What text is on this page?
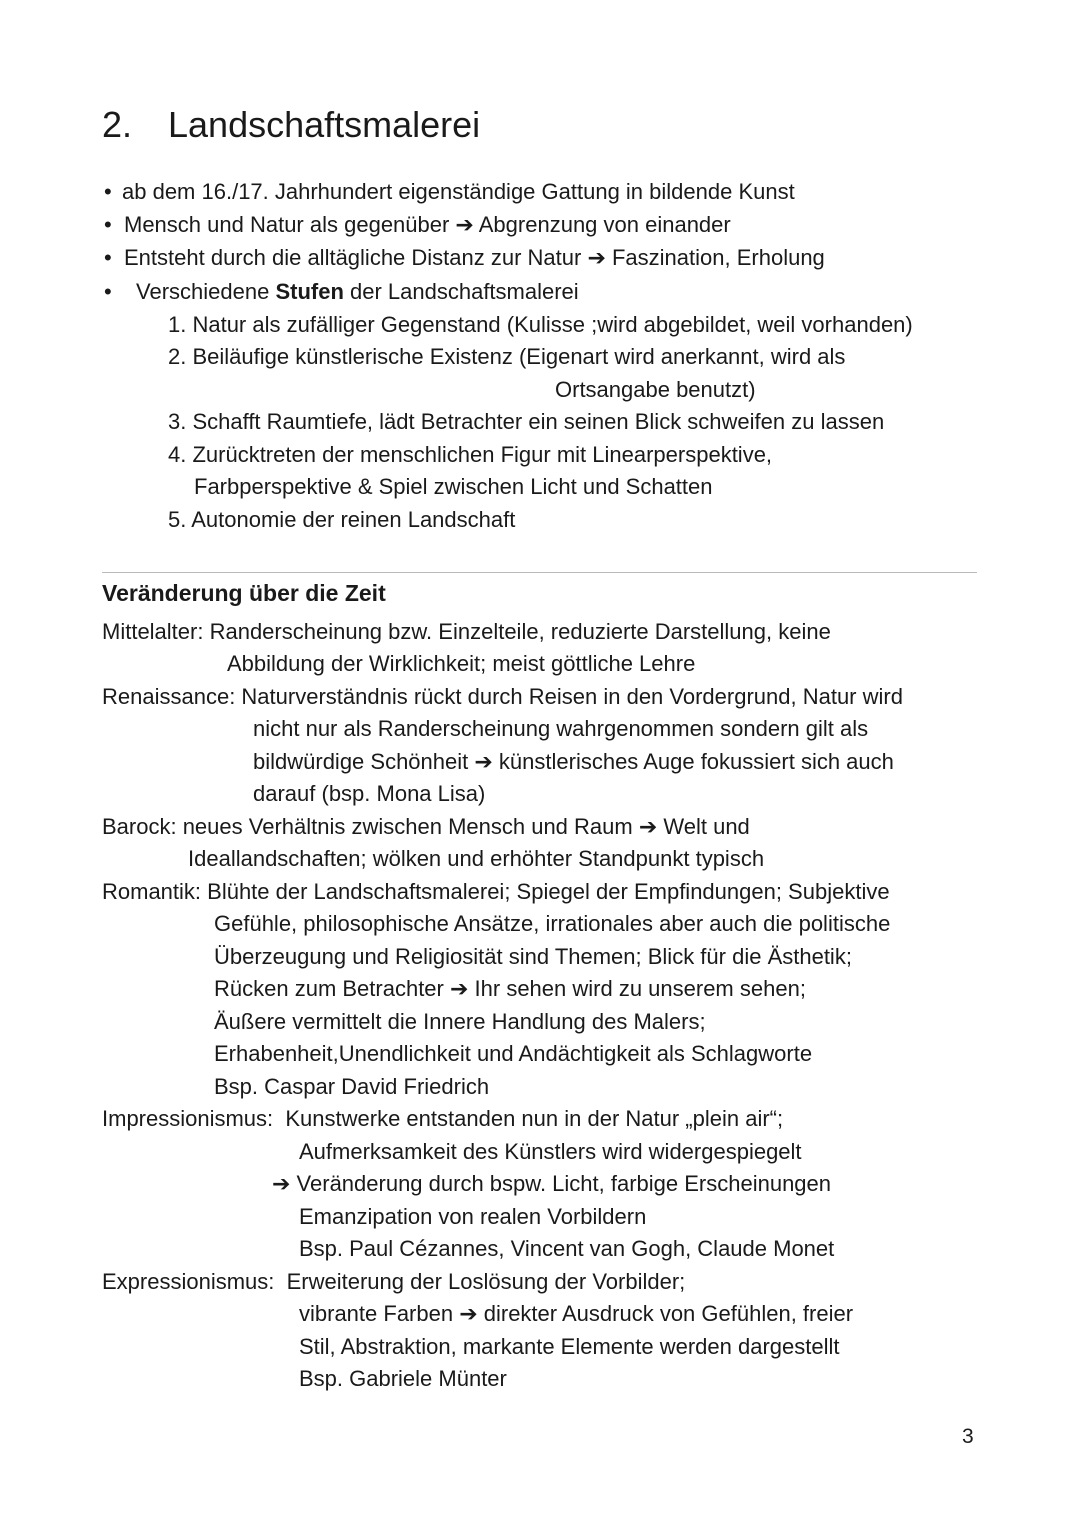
2. Landschaftsmalerei
• ab dem 16./17. Jahrhundert eigenständige Gattung in bildende Kunst
• Mensch und Natur als gegenüber ➔ Abgrenzung von einander
• Entsteht durch die alltägliche Distanz zur Natur ➔ Faszination, Erholung
• Verschiedene Stufen der Landschaftsmalerei
1. Natur als zufälliger Gegenstand (Kulisse ;wird abgebildet, weil vorhanden)
2. Beiläufige künstlerische Existenz (Eigenart wird anerkannt, wird als
Ortsangabe benutzt)
3. Schafft Raumtiefe, lädt Betrachter ein seinen Blick schweifen zu lassen
4. Zurücktreten der menschlichen Figur mit Linearperspektive,
Farbperspektive & Spiel zwischen Licht und Schatten
5. Autonomie der reinen Landschaft
Veränderung über die Zeit
Mittelalter: Randerscheinung bzw. Einzelteile, reduzierte Darstellung, keine
Abbildung der Wirklichkeit; meist göttliche Lehre
Renaissance: Naturverständnis rückt durch Reisen in den Vordergrund, Natur wird
nicht nur als Randerscheinung wahrgenommen sondern gilt als
bildwürdige Schönheit ➔ künstlerisches Auge fokussiert sich auch
darauf (bsp. Mona Lisa)
Barock: neues Verhältnis zwischen Mensch und Raum ➔ Welt und
Ideallandschaften; wölken und erhöhter Standpunkt typisch
Romantik: Blühte der Landschaftsmalerei; Spiegel der Empfindungen; Subjektive
Gefühle, philosophische Ansätze, irrationales aber auch die politische
Überzeugung und Religiosität sind Themen; Blick für die Ästhetik;
Rücken zum Betrachter ➔ Ihr sehen wird zu unserem sehen;
Äußere vermittelt die Innere Handlung des Malers;
Erhabenheit,Unendlichkeit und Andächtigkeit als Schlagworte
Bsp. Caspar David Friedrich
Impressionismus:  Kunstwerke entstanden nun in der Natur „plein air“;
Aufmerksamkeit des Künstlers wird widergespiegelt
➔ Veränderung durch bspw. Licht, farbige Erscheinungen
Emanzipation von realen Vorbildern
Bsp. Paul Cézannes, Vincent van Gogh, Claude Monet
Expressionismus:  Erweiterung der Loslösung der Vorbilder;
vibrante Farben ➔ direkter Ausdruck von Gefühlen, freier
Stil, Abstraktion, markante Elemente werden dargestellt
Bsp. Gabriele Münter
3
